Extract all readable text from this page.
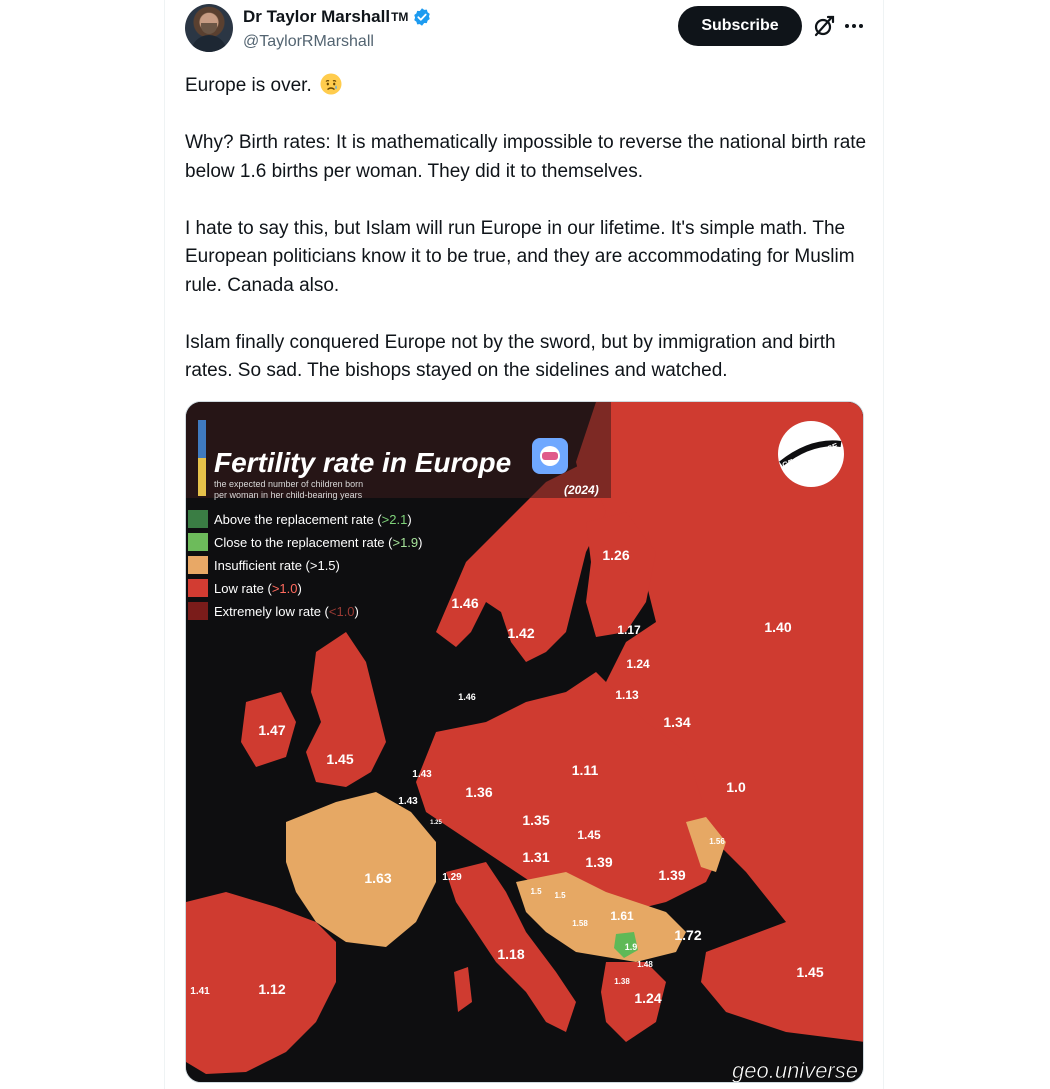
Dr Taylor Marshall TM
@TaylorRMarshall
Subscribe

Europe is over.

Why? Birth rates: It is mathematically impossible to reverse the national birth rate below 1.6 births per woman. They did it to themselves.

I hate to say this, but Islam will run Europe in our lifetime. It's simple math. The European politicians know it to be true, and they are accommodating for Muslim rule. Canada also.

Islam finally conquered Europe not by the sword, but by immigration and birth rates. So sad. The bishops stayed on the sidelines and watched.

Fertility rate in Europe
the expected number of children born
per woman in her child-bearing years	(2024)
GEOUNIVERSE
Above the replacement rate (>2.1)
Close to the replacement rate (>1.9)
Insufficient rate (>1.5)
Low rate (>1.0)
Extremely low rate (<1.0)
1.26
1.40
1.46
1.42	1.17
1.24
1.13
1.34
1.46
1.47
1.45
1.43	1.11
1.0
1.36
1.43
1.25	1.35
1.45
1.31	1.39
1.39
1.63	1.29
1.5 1.5
1.58
1.61
1.72
1.9
1.18
1.48	1.45
1.41	1.12	1.38
1.24
1.56
geo.universe
